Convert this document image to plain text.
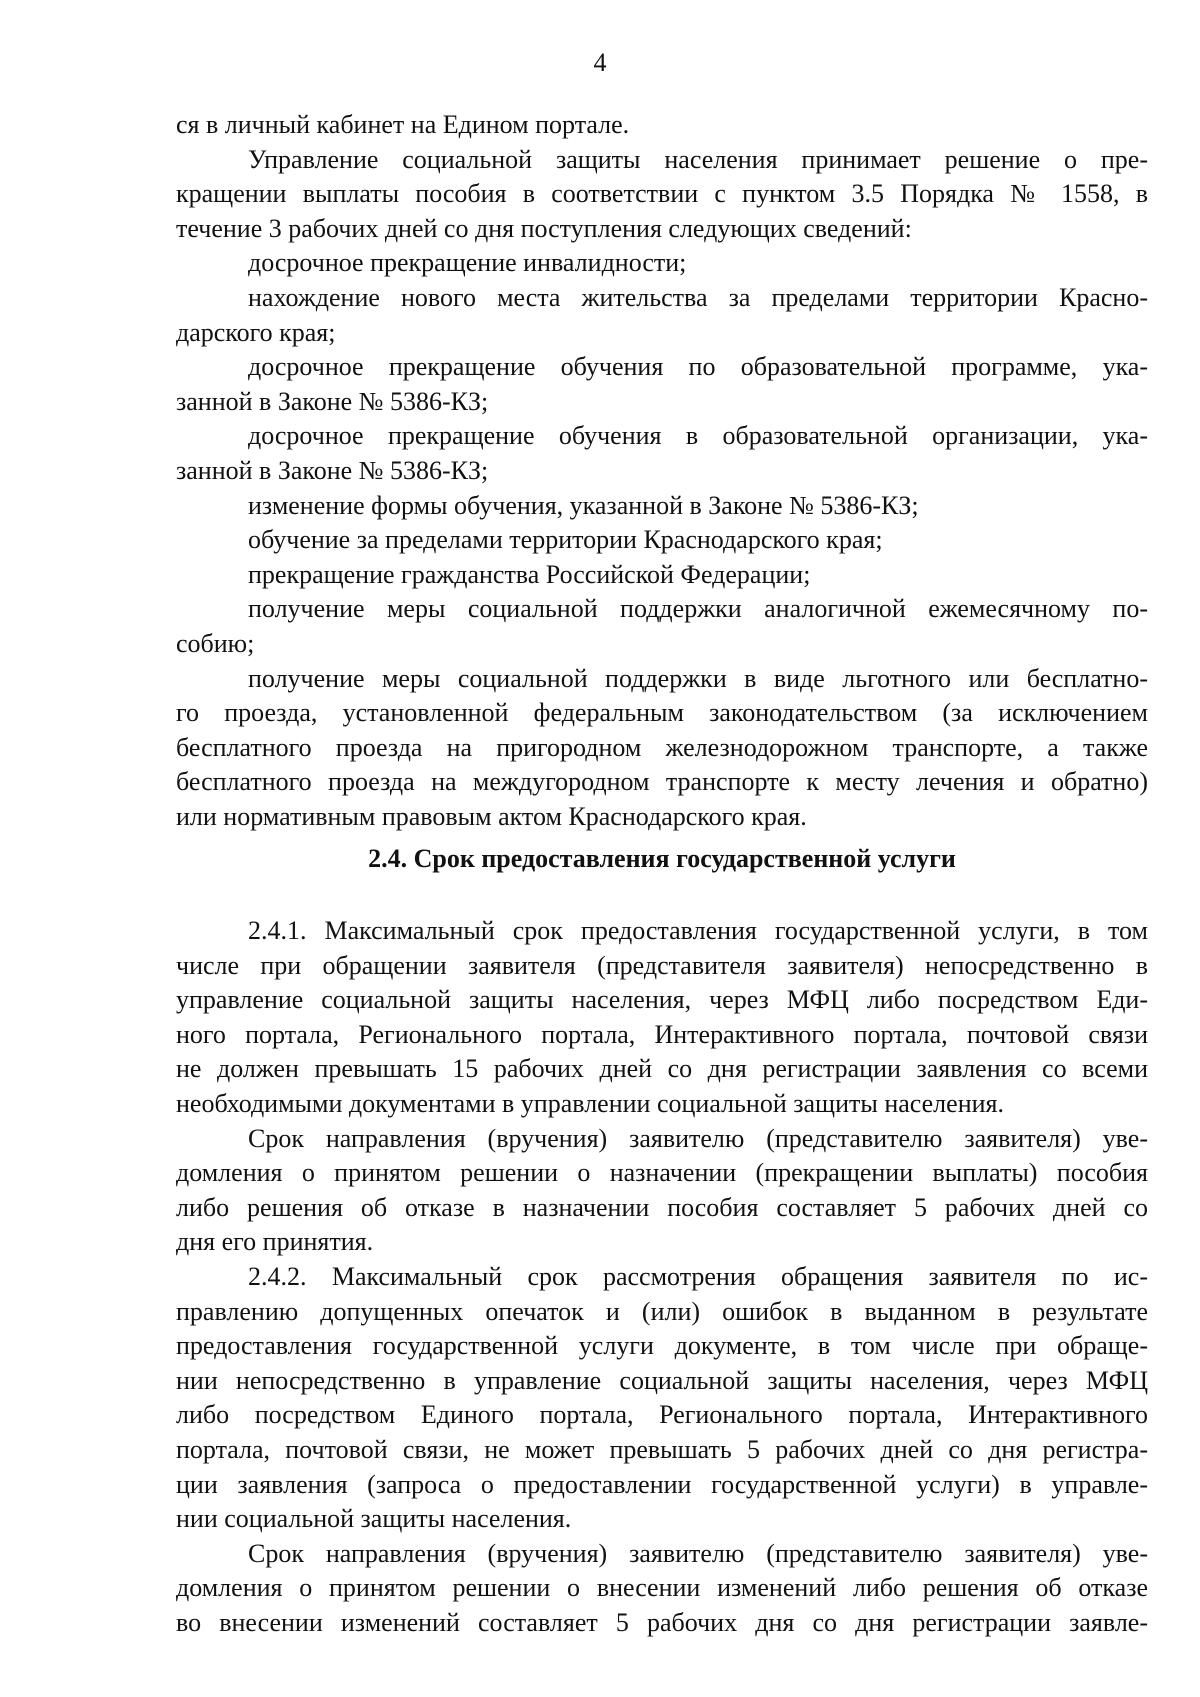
4
ся в личный кабинет на Едином портале.
Управление социальной защиты населения принимает решение о пре-
кращении выплаты пособия в соответствии с пунктом 3.5 Порядка № 1558, в
течение 3 рабочих дней со дня поступления следующих сведений:
досрочное прекращение инвалидности;
нахождение нового места жительства за пределами территории Красно-
дарского края;
досрочное прекращение обучения по образовательной программе, ука-
занной в Законе № 5386-КЗ;
досрочное прекращение обучения в образовательной организации, ука-
занной в Законе № 5386-КЗ;
изменение формы обучения, указанной в Законе № 5386-КЗ;
обучение за пределами территории Краснодарского края;
прекращение гражданства Российской Федерации;
получение меры социальной поддержки аналогичной ежемесячному по-
собию;
получение меры социальной поддержки в виде льготного или бесплатно-
го проезда, установленной федеральным законодательством (за исключением
бесплатного проезда на пригородном железнодорожном транспорте, а также
бесплатного проезда на междугородном транспорте к месту лечения и обратно)
или нормативным правовым актом Краснодарского края.
2.4. Срок предоставления государственной услуги
2.4.1. Максимальный срок предоставления государственной услуги, в том
числе при обращении заявителя (представителя заявителя) непосредственно в
управление социальной защиты населения, через МФЦ либо посредством Еди-
ного портала, Регионального портала, Интерактивного портала, почтовой связи
не должен превышать 15 рабочих дней со дня регистрации заявления со всеми
необходимыми документами в управлении социальной защиты населения.
Срок направления (вручения) заявителю (представителю заявителя) уве-
домления о принятом решении о назначении (прекращении выплаты) пособия
либо решения об отказе в назначении пособия составляет 5 рабочих дней со
дня его принятия.
2.4.2. Максимальный срок рассмотрения обращения заявителя по ис-
правлению допущенных опечаток и (или) ошибок в выданном в результате
предоставления государственной услуги документе, в том числе при обраще-
нии непосредственно в управление социальной защиты населения, через МФЦ
либо посредством Единого портала, Регионального портала, Интерактивного
портала, почтовой связи, не может превышать 5 рабочих дней со дня регистра-
ции заявления (запроса о предоставлении государственной услуги) в управле-
нии социальной защиты населения.
Срок направления (вручения) заявителю (представителю заявителя) уве-
домления о принятом решении о внесении изменений либо решения об отказе
во внесении изменений составляет 5 рабочих дня со дня регистрации заявле-
